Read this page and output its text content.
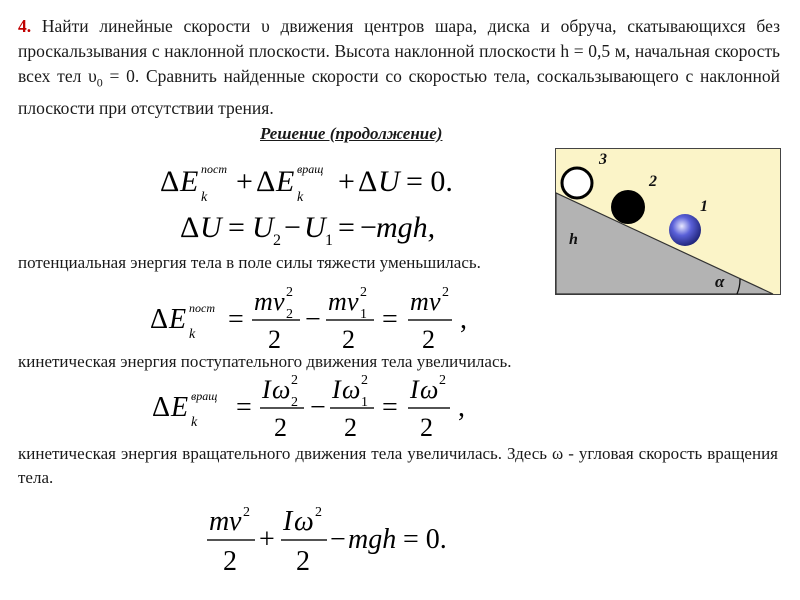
4. Найти линейные скорости υ движения центров шара, диска и обруча, скатывающихся без проскальзывания с наклонной плоскости. Высота наклонной плоскости h = 0,5 м, начальная скорость всех тел $\upsilon_0 = 0$. Сравнить найденные скорости со скоростью тела, соскальзывающего с наклонной плоскости при отсутствии трения.
Решение (продолжение)
Δ E пост
k + Δ E вращ
k + Δ U = 0.
Δ U = U 2 − U 1 = − mgh,
потенциальная энергия тела в поле силы тяжести уменьшилась.
Δ E пост
k =
m v 2
2
2
−
m v 1
2
2
=
m v 2
2
,
кинетическая энергия поступательного движения тела увеличилась.
Δ E вращ
k =
I ω 2
2
2
−
I ω 1
2
2
=
I ω 2
2
,
кинетическая энергия вращательного движения тела увеличилась. Здесь ω - угловая скорость вращения тела.
m v 2
2
+
I ω 2
2
− mgh = 0.
3
2
1
h
α
